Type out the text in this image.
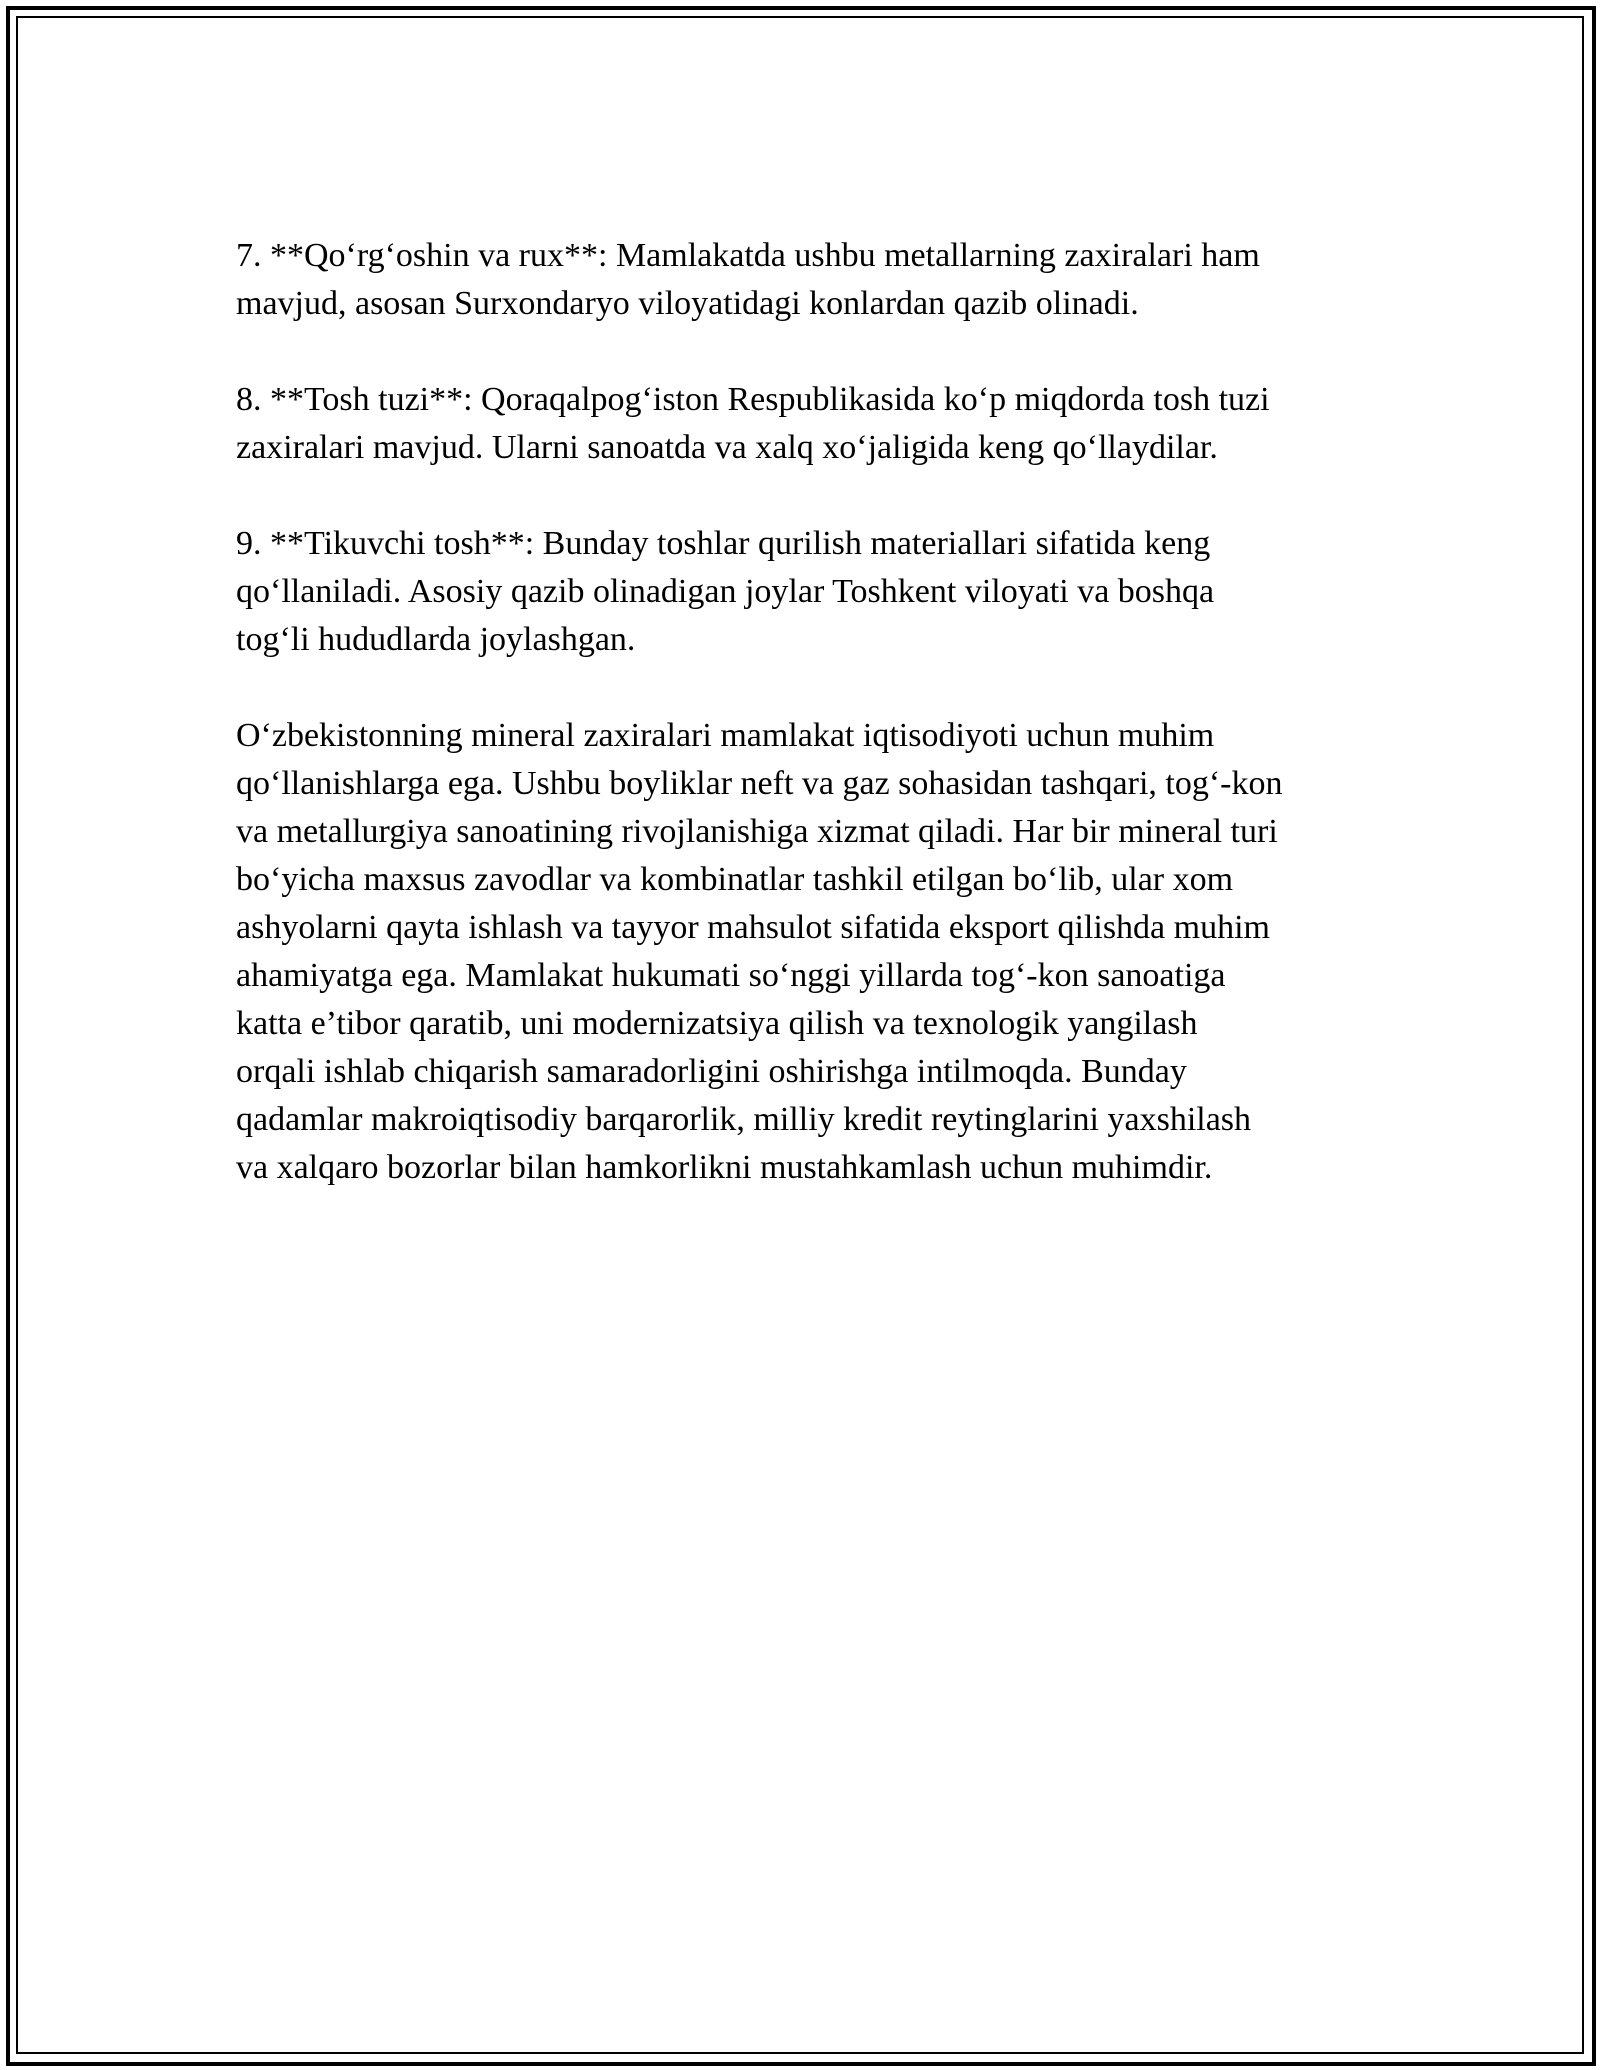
7. **Qo‘rg‘oshin va rux**: Mamlakatda ushbu metallarning zaxiralari ham
mavjud, asosan Surxondaryo viloyatidagi konlardan qazib olinadi.

8. **Tosh tuzi**: Qoraqalpog‘iston Respublikasida ko‘p miqdorda tosh tuzi
zaxiralari mavjud. Ularni sanoatda va xalq xo‘jaligida keng qo‘llaydilar.

9. **Tikuvchi tosh**: Bunday toshlar qurilish materiallari sifatida keng
qo‘llaniladi. Asosiy qazib olinadigan joylar Toshkent viloyati va boshqa
tog‘li hududlarda joylashgan.

O‘zbekistonning mineral zaxiralari mamlakat iqtisodiyoti uchun muhim
qo‘llanishlarga ega. Ushbu boyliklar neft va gaz sohasidan tashqari, tog‘-kon
va metallurgiya sanoatining rivojlanishiga xizmat qiladi. Har bir mineral turi
bo‘yicha maxsus zavodlar va kombinatlar tashkil etilgan bo‘lib, ular xom
ashyolarni qayta ishlash va tayyor mahsulot sifatida eksport qilishda muhim
ahamiyatga ega. Mamlakat hukumati so‘nggi yillarda tog‘-kon sanoatiga
katta e’tibor qaratib, uni modernizatsiya qilish va texnologik yangilash
orqali ishlab chiqarish samaradorligini oshirishga intilmoqda. Bunday
qadamlar makroiqtisodiy barqarorlik, milliy kredit reytinglarini yaxshilash
va xalqaro bozorlar bilan hamkorlikni mustahkamlash uchun muhimdir.
